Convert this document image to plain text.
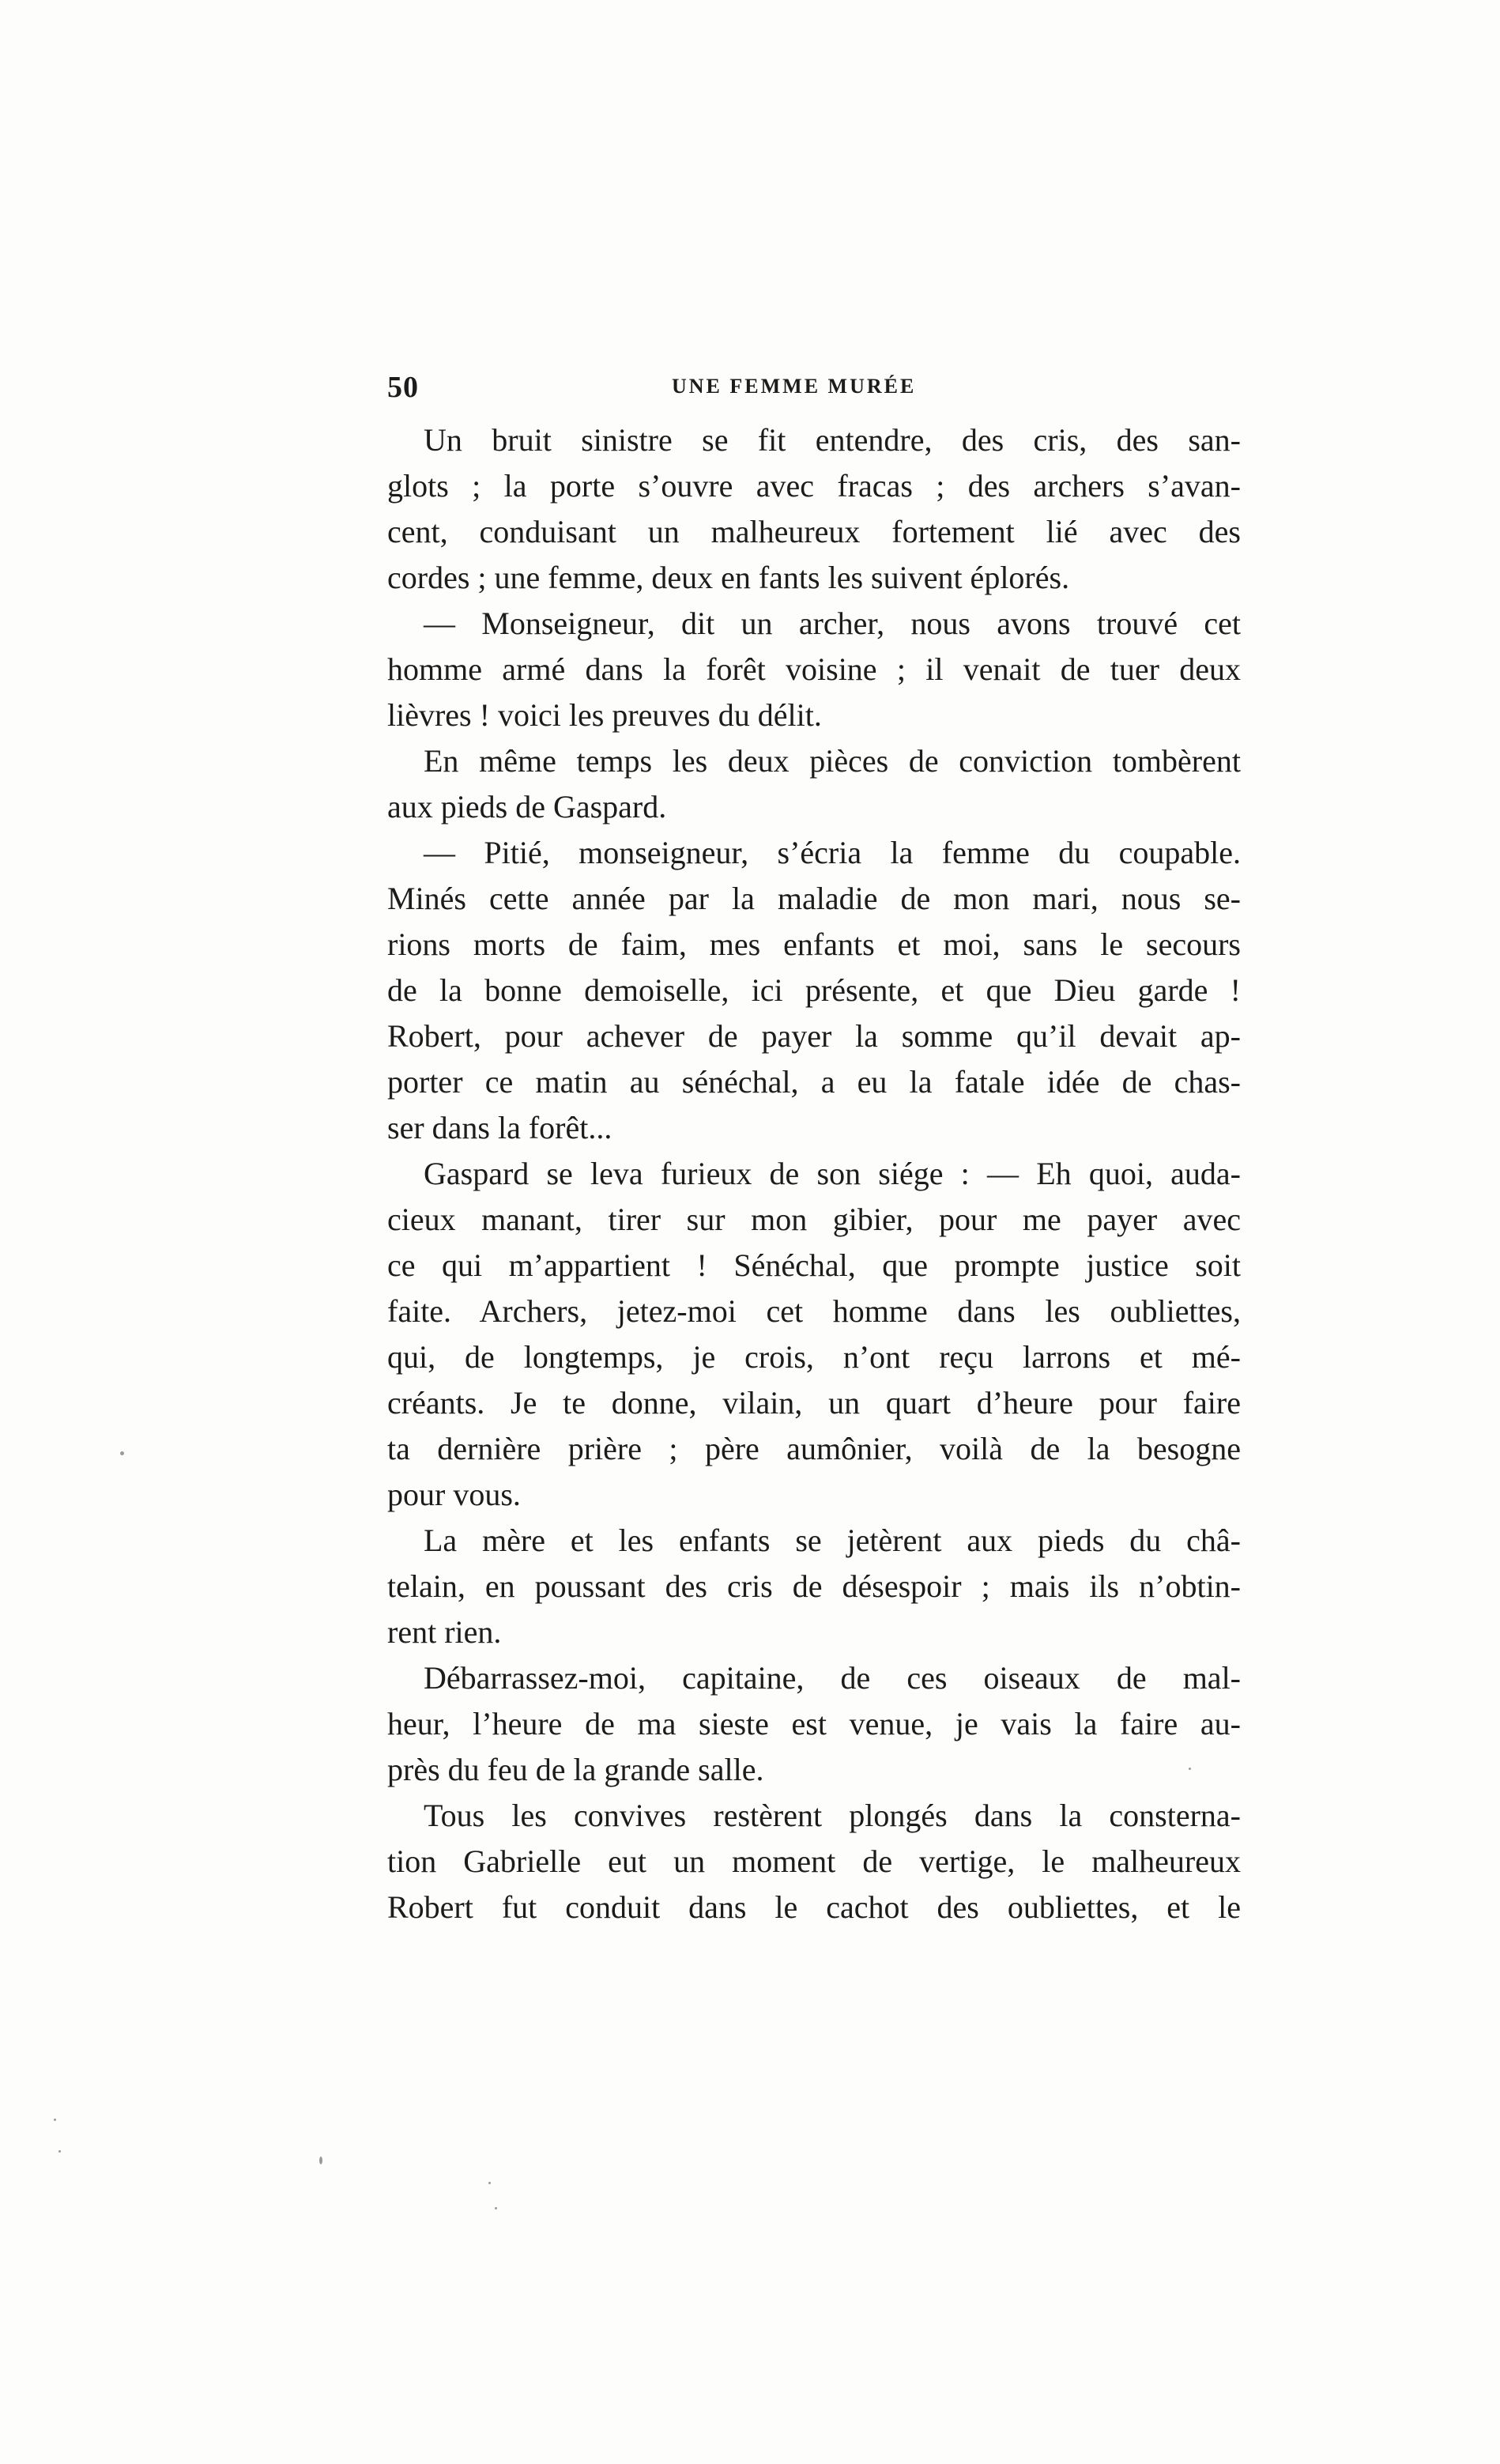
50	UNE FEMME MURÉE
Un bruit sinistre se fit entendre, des cris, des san-
glots ; la porte s’ouvre avec fracas ; des archers s’avan-
cent, conduisant un malheureux fortement lié avec des
cordes ; une femme, deux en fants les suivent éplorés.
— Monseigneur, dit un archer, nous avons trouvé cet
homme armé dans la forêt voisine ; il venait de tuer deux
lièvres ! voici les preuves du délit.
En même temps les deux pièces de conviction tombèrent
aux pieds de Gaspard.
— Pitié, monseigneur, s’écria la femme du coupable.
Minés cette année par la maladie de mon mari, nous se-
rions morts de faim, mes enfants et moi, sans le secours
de la bonne demoiselle, ici présente, et que Dieu garde !
Robert, pour achever de payer la somme qu’il devait ap-
porter ce matin au sénéchal, a eu la fatale idée de chas-
ser dans la forêt...
Gaspard se leva furieux de son siége : — Eh quoi, auda-
cieux manant, tirer sur mon gibier, pour me payer avec
ce qui m’appartient ! Sénéchal, que prompte justice soit
faite. Archers, jetez-moi cet homme dans les oubliettes,
qui, de longtemps, je crois, n’ont reçu larrons et mé-
créants. Je te donne, vilain, un quart d’heure pour faire
ta dernière prière ; père aumônier, voilà de la besogne
pour vous.
La mère et les enfants se jetèrent aux pieds du châ-
telain, en poussant des cris de désespoir ; mais ils n’obtin-
rent rien.
Débarrassez-moi, capitaine, de ces oiseaux de mal-
heur, l’heure de ma sieste est venue, je vais la faire au-
près du feu de la grande salle.
Tous les convives restèrent plongés dans la consterna-
tion Gabrielle eut un moment de vertige, le malheureux
Robert fut conduit dans le cachot des oubliettes, et le
